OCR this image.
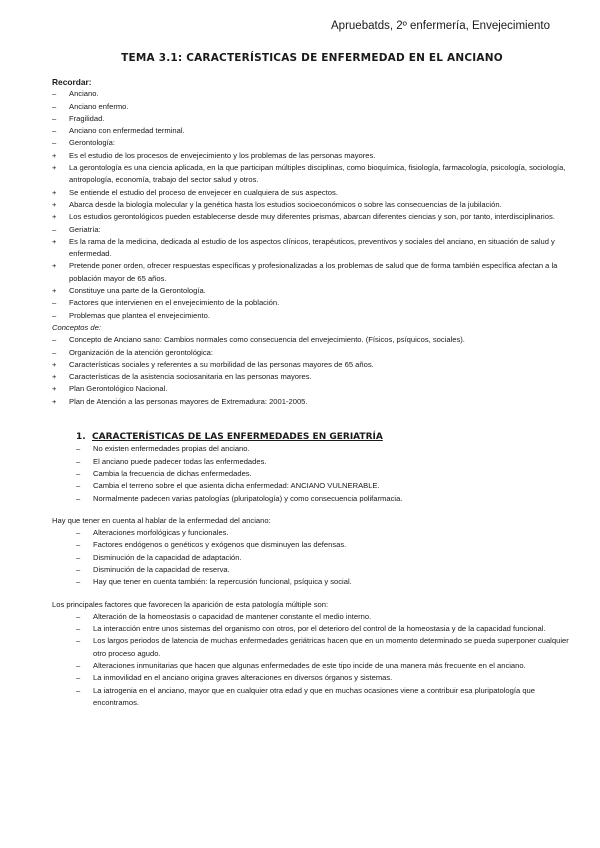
Apruebatds, 2º enfermería, Envejecimiento
TEMA 3.1: CARACTERÍSTICAS DE ENFERMEDAD EN EL ANCIANO
Recordar:
– Anciano.
– Anciano enfermo.
– Fragilidad.
– Anciano con enfermedad terminal.
– Gerontología:
+ Es el estudio de los procesos de envejecimiento y los problemas de las personas mayores.
+ La gerontología es una ciencia aplicada, en la que participan múltiples disciplinas, como bioquímica, fisiología, farmacología, psicología, sociología, antropología, economía, trabajo del sector salud y otros.
+ Se entiende el estudio del proceso de envejecer en cualquiera de sus aspectos.
+ Abarca desde la biología molecular y la genética hasta los estudios socioeconómicos o sobre las consecuencias de la jubilación.
+ Los estudios gerontológicos pueden establecerse desde muy diferentes prismas, abarcan diferentes ciencias y son, por tanto, interdisciplinarios.
– Geriatría:
+ Es la rama de la medicina, dedicada al estudio de los aspectos clínicos, terapéuticos, preventivos y sociales del anciano, en situación de salud y enfermedad.
+ Pretende poner orden, ofrecer respuestas específicas y profesionalizadas a los problemas de salud que de forma también específica afectan a la población mayor de 65 años.
+ Constituye una parte de la Gerontología.
– Factores que intervienen en el envejecimiento de la población.
– Problemas que plantea el envejecimiento.
Conceptos de:
– Concepto de Anciano sano: Cambios normales como consecuencia del envejecimiento. (Físicos, psíquicos, sociales).
– Organización de la atención gerontológica:
+ Características sociales y referentes a su morbilidad de las personas mayores de 65 años.
+ Características de la asistencia sociosanitaria en las personas mayores.
+ Plan Gerontológico Nacional.
+ Plan de Atención a las personas mayores de Extremadura: 2001-2005.
1. CARACTERÍSTICAS DE LAS ENFERMEDADES EN GERIATRÍA
– No existen enfermedades propias del anciano.
– El anciano puede padecer todas las enfermedades.
– Cambia la frecuencia de dichas enfermedades.
– Cambia el terreno sobre el que asienta dicha enfermedad: ANCIANO VULNERABLE.
– Normalmente padecen varias patologías (pluripatología) y como consecuencia polifarmacia.
Hay que tener en cuenta al hablar de la enfermedad del anciano:
– Alteraciones morfológicas y funcionales.
– Factores endógenos o genéticos y exógenos que disminuyen las defensas.
– Disminución de la capacidad de adaptación.
– Disminución de la capacidad de reserva.
– Hay que tener en cuenta también: la repercusión funcional, psíquica y social.
Los principales factores que favorecen la aparición de esta patología múltiple son:
– Alteración de la homeostasis o capacidad de mantener constante el medio interno.
– La interacción entre unos sistemas del organismo con otros, por el deterioro del control de la homeostasia y de la capacidad funcional.
– Los largos periodos de latencia de muchas enfermedades geriátricas hacen que en un momento determinado se pueda superponer cualquier otro proceso agudo.
– Alteraciones inmunitarias que hacen que algunas enfermedades de este tipo incide de una manera más frecuente en el anciano.
– La inmovilidad en el anciano origina graves alteraciones en diversos órganos y sistemas.
– La iatrogenia en el anciano, mayor que en cualquier otra edad y que en muchas ocasiones viene a contribuir esa pluripatología que encontramos.
